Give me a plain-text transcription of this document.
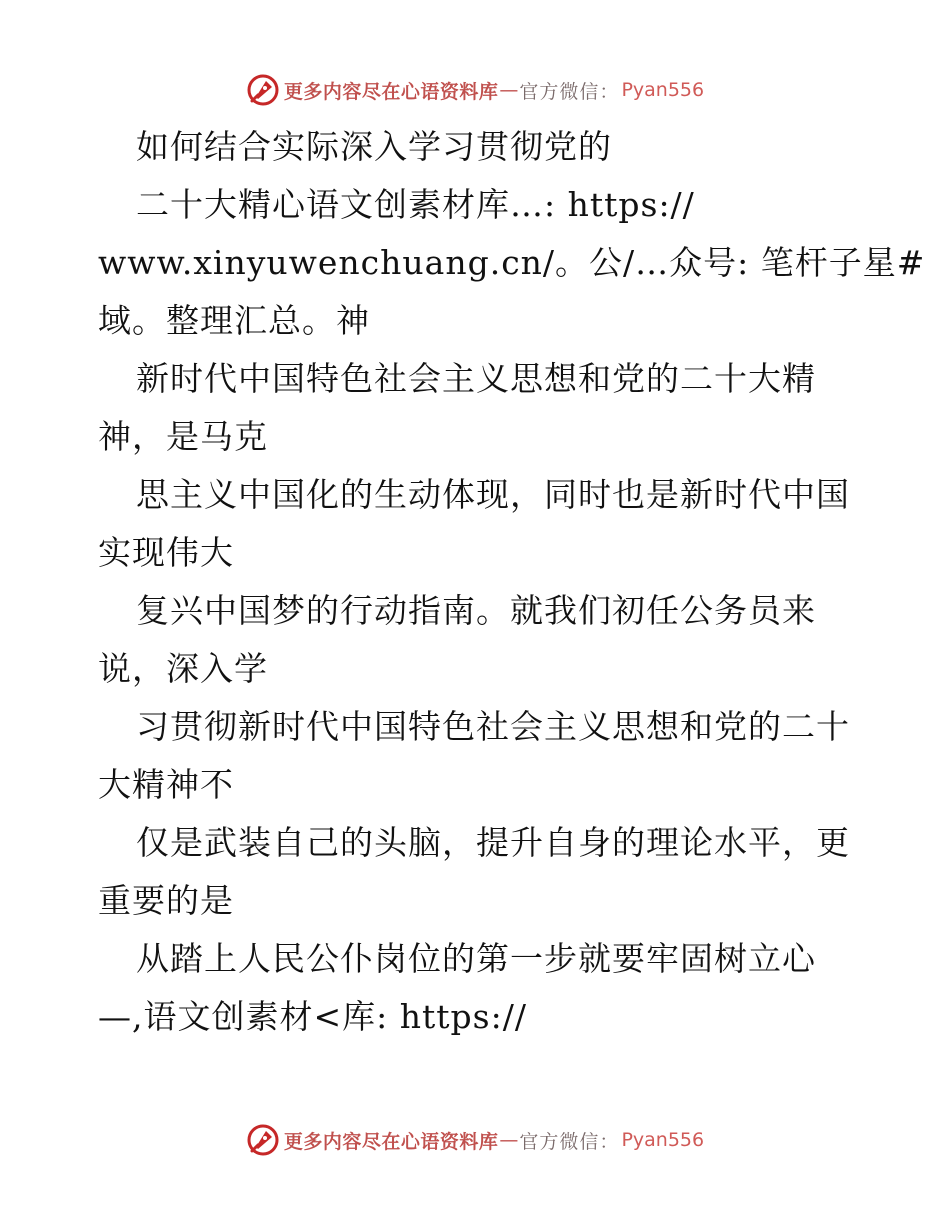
更多内容尽在心语资料库 — 官方微信： Pyan556
如何结合实际深入学习贯彻党的
二十大精心语文创素材库…: https://
www.xinyuwenchuang.cn/。公/…众号: 笔杆子星#
域。整理汇总。神
新时代中国特色社会主义思想和党的二十大精
神，是马克
思主义中国化的生动体现，同时也是新时代中国
实现伟大
复兴中国梦的行动指南。就我们初任公务员来
说，深入学
习贯彻新时代中国特色社会主义思想和党的二十
大精神不
仅是武装自己的头脑，提升自身的理论水平，更
重要的是
从踏上人民公仆岗位的第一步就要牢固树立心
—,语文创素材<库: https://
更多内容尽在心语资料库 — 官方微信： Pyan556
